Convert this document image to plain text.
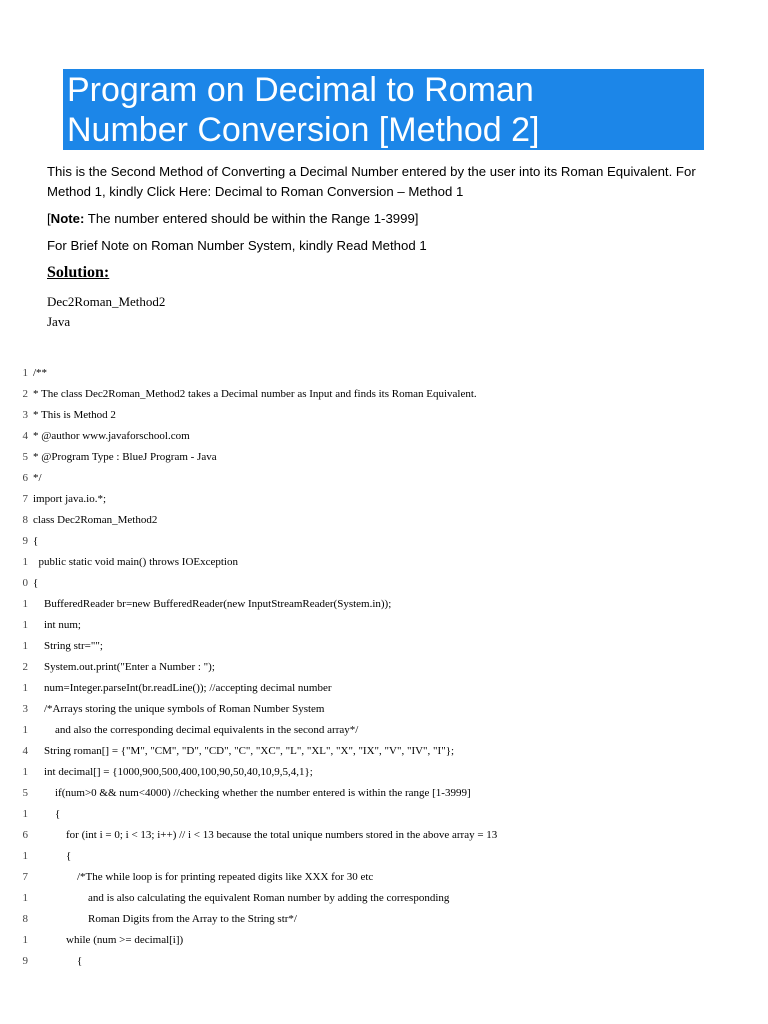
Program on Decimal to Roman
Number Conversion [Method 2]

This is the Second Method of Converting a Decimal Number entered by the user into its Roman Equivalent. For

Method 1, kindly Click Here: Decimal to Roman Conversion – Method 1

[Note: The number entered should be within the Range 1-3999]
For Brief Note on Roman Number System, kindly Read Method 1
Solution:
Dec2Roman_Method2
Java
1 /**
2 * The class Dec2Roman_Method2 takes a Decimal number as Input and finds its Roman Equivalent.
3 * This is Method 2
4 * @author www.javaforschool.com
5 * @Program Type : BlueJ Program - Java
6 */
7 import java.io.*;
8 class Dec2Roman_Method2
9 {
1 public static void main() throws IOException
0 {
1 BufferedReader br=new BufferedReader(new InputStreamReader(System.in));
1 int num;
1 String str="";
2 System.out.print("Enter a Number : ");
1 num=Integer.parseInt(br.readLine()); //accepting decimal number
3 /*Arrays storing the unique symbols of Roman Number System
1 and also the corresponding decimal equivalents in the second array*/
4 String roman[] = {"M", "CM", "D", "CD", "C", "XC", "L", "XL", "X", "IX", "V", "IV", "I"};
1 int decimal[] = {1000,900,500,400,100,90,50,40,10,9,5,4,1};
5 if(num>0 && num<4000) //checking whether the number entered is within the range [1-3999]
1 {
6 for (int i = 0; i < 13; i++) // i < 13 because the total unique numbers stored in the above array = 13
1 {
7 /*The while loop is for printing repeated digits like XXX for 30 etc
1 and is also calculating the equivalent Roman number by adding the corresponding
8 Roman Digits from the Array to the String str*/
1 while (num >= decimal[i])
9 {
